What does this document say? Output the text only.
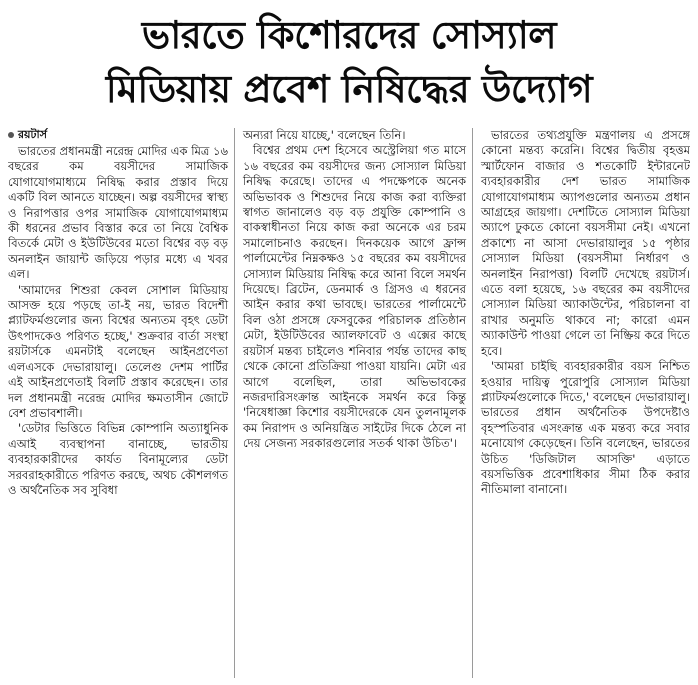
ভারতে কিশোরদের সোস্যাল
মিডিয়ায় প্রবেশ নিষিদ্ধের উদ্যোগ
রয়টার্স

ভারতের প্রধানমন্ত্রী নরেন্দ্র মোদির এক মিত্র ১৬ বছরের কম বয়সীদের সামাজিক যোগাযোগমাধ্যমে নিষিদ্ধ করার প্রস্তাব দিয়ে একটি বিল আনতে যাচ্ছেন। অল্প বয়সীদের স্বাস্থ্য ও নিরাপত্তার ওপর সামাজিক যোগাযোগমাধ্যম কী ধরনের প্রভাব বিস্তার করে তা নিয়ে বৈশ্বিক বিতর্কে মেটা ও ইউটিউবের মতো বিশ্বের বড় বড় অনলাইন জায়ান্ট জড়িয়ে পড়ার মধ্যে এ খবর এল।

'আমাদের শিশুরা কেবল সোশাল মিডিয়ায় আসক্ত হয়ে পড়ছে তা-ই নয়, ভারত বিদেশী প্ল্যাটফর্মগুলোর জন্য বিশ্বের অন্যতম বৃহৎ ডেটা উৎপাদকেও পরিণত হচ্ছে,' শুক্রবার বার্তা সংস্থা রয়টার্সকে এমনটাই বলেছেন আইনপ্রণেতা এলএসকে দেভারায়ালু। তেলেগু দেশম পার্টির এই আইনপ্রণেতাই বিলটি প্রস্তাব করেছেন। তার দল প্রধানমন্ত্রী নরেন্দ্র মোদির ক্ষমতাসীন জোটে বেশ প্রভাবশালী।

'ডেটার ভিত্তিতে বিভিন্ন কোম্পানি অত্যাধুনিক এআই ব্যবস্থাপনা বানাচ্ছে, ভারতীয় ব্যবহারকারীদের কার্যত বিনামূল্যের ডেটা সরবরাহকারীতে পরিণত করছে, অথচ কৌশলগত ও অর্থনৈতিক সব সুবিধা

অন্যরা নিয়ে যাচ্ছে,' বলেছেন তিনি।

বিশ্বের প্রথম দেশ হিসেবে অস্ট্রেলিয়া গত মাসে ১৬ বছরের কম বয়সীদের জন্য সোস্যাল মিডিয়া নিষিদ্ধ করেছে। তাদের এ পদক্ষেপকে অনেক অভিভাবক ও শিশুদের নিয়ে কাজ করা ব্যক্তিরা স্বাগত জানালেও বড় বড় প্রযুক্তি কোম্পানি ও বাকস্বাধীনতা নিয়ে কাজ করা অনেকে এর চরম সমালোচনাও করছেন। দিনকয়েক আগে ফ্রান্স পার্লামেন্টের নিম্নকক্ষও ১৫ বছরের কম বয়সীদের সোস্যাল মিডিয়ায় নিষিদ্ধ করে আনা বিলে সমর্থন দিয়েছে। ব্রিটেন, ডেনমার্ক ও গ্রিসও এ ধরনের আইন করার কথা ভাবছে। ভারতের পার্লামেন্টে বিল ওঠা প্রসঙ্গে ফেসবুকের পরিচালক প্রতিষ্ঠান মেটা, ইউটিউবের অ্যালফাবেট ও এক্সের কাছে রয়টার্স মন্তব্য চাইলেও শনিবার পর্যন্ত তাদের কাছ থেকে কোনো প্রতিক্রিয়া পাওয়া যায়নি। মেটা এর আগে বলেছিল, তারা অভিভাবকের নজরদারিসংক্রান্ত আইনকে সমর্থন করে কিন্তু 'নিষেধাজ্ঞা কিশোর বয়সীদেরকে যেন তুলনামূলক কম নিরাপদ ও অনিয়ন্ত্রিত সাইটের দিকে ঠেলে না দেয় সেজন্য সরকারগুলোর সতর্ক থাকা উচিত'।

ভারতের তথ্যপ্রযুক্তি মন্ত্রণালয় এ প্রসঙ্গে কোনো মন্তব্য করেনি। বিশ্বের দ্বিতীয় বৃহত্তম স্মার্টফোন বাজার ও শতকোটি ইন্টারনেট ব্যবহারকারীর দেশ ভারত সামাজিক যোগাযোগমাধ্যম অ্যাপগুলোর অন্যতম প্রধান আগ্রহের জায়গা। দেশটিতে সোস্যাল মিডিয়া অ্যাপে ঢুকতে কোনো বয়সসীমা নেই। এখনো প্রকাশ্যে না আসা দেভারায়ালুর ১৫ পৃষ্ঠার সোস্যাল মিডিয়া (বয়সসীমা নির্ধারণ ও অনলাইন নিরাপত্তা) বিলটি দেখেছে রয়টার্স। এতে বলা হয়েছে, ১৬ বছরের কম বয়সীদের সোস্যাল মিডিয়া অ্যাকাউন্টের, পরিচালনা বা রাখার অনুমতি থাকবে না; কারো এমন অ্যাকাউন্ট পাওয়া গেলে তা নিষ্ক্রিয় করে দিতে হবে।

'আমরা চাইছি ব্যবহারকারীর বয়স নিশ্চিত হওয়ার দায়িত্ব পুরোপুরি সোস্যাল মিডিয়া প্ল্যাটফর্মগুলোকে দিতে,' বলেছেন দেভারায়ালু। ভারতের প্রধান অর্থনৈতিক উপদেষ্টাও বৃহস্পতিবার এসংক্রান্ত এক মন্তব্য করে সবার মনোযোগ কেড়েছেন। তিনি বলেছেন, ভারতের উচিত 'ডিজিটাল আসক্তি' এড়াতে বয়সভিত্তিক প্রবেশাধিকার সীমা ঠিক করার নীতিমালা বানানো।
